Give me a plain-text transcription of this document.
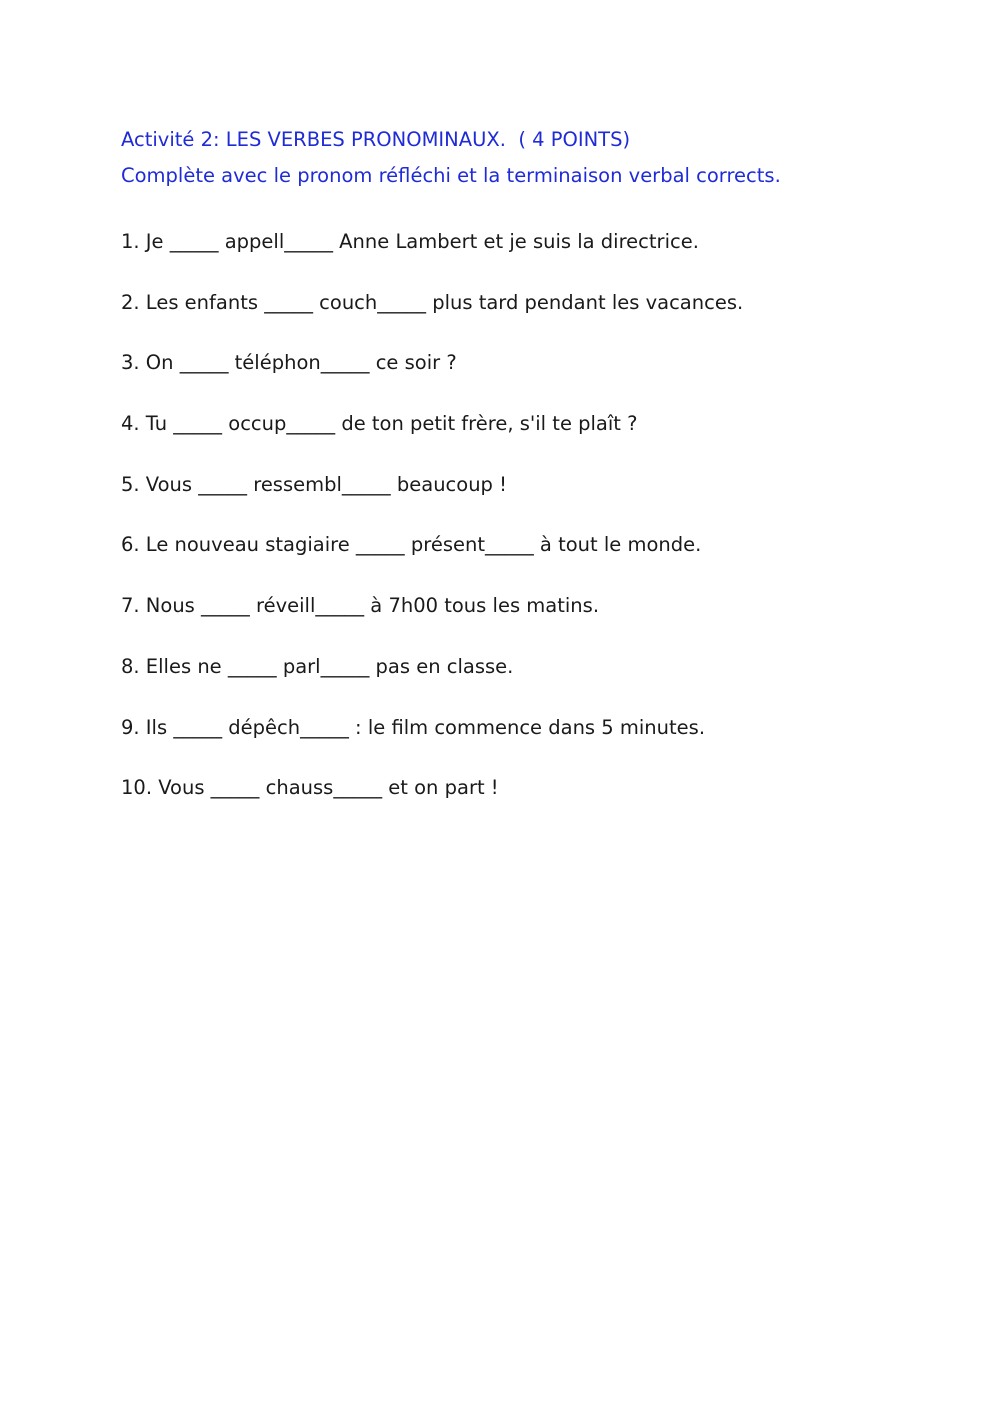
Activité 2: LES VERBES PRONOMINAUX.  ( 4 POINTS)
Complète avec le pronom réfléchi et la terminaison verbal corrects.
1. Je _____ appell_____ Anne Lambert et je suis la directrice.
2. Les enfants _____ couch_____ plus tard pendant les vacances.
3. On _____ téléphon_____ ce soir ?
4. Tu _____ occup_____ de ton petit frère, s'il te plaît ?
5. Vous _____ ressembl_____ beaucoup !
6. Le nouveau stagiaire _____ présent_____ à tout le monde.
7. Nous _____ réveill_____ à 7h00 tous les matins.
8. Elles ne _____ parl_____ pas en classe.
9. Ils _____ dépêch_____ : le film commence dans 5 minutes.
10. Vous _____ chauss_____ et on part !
